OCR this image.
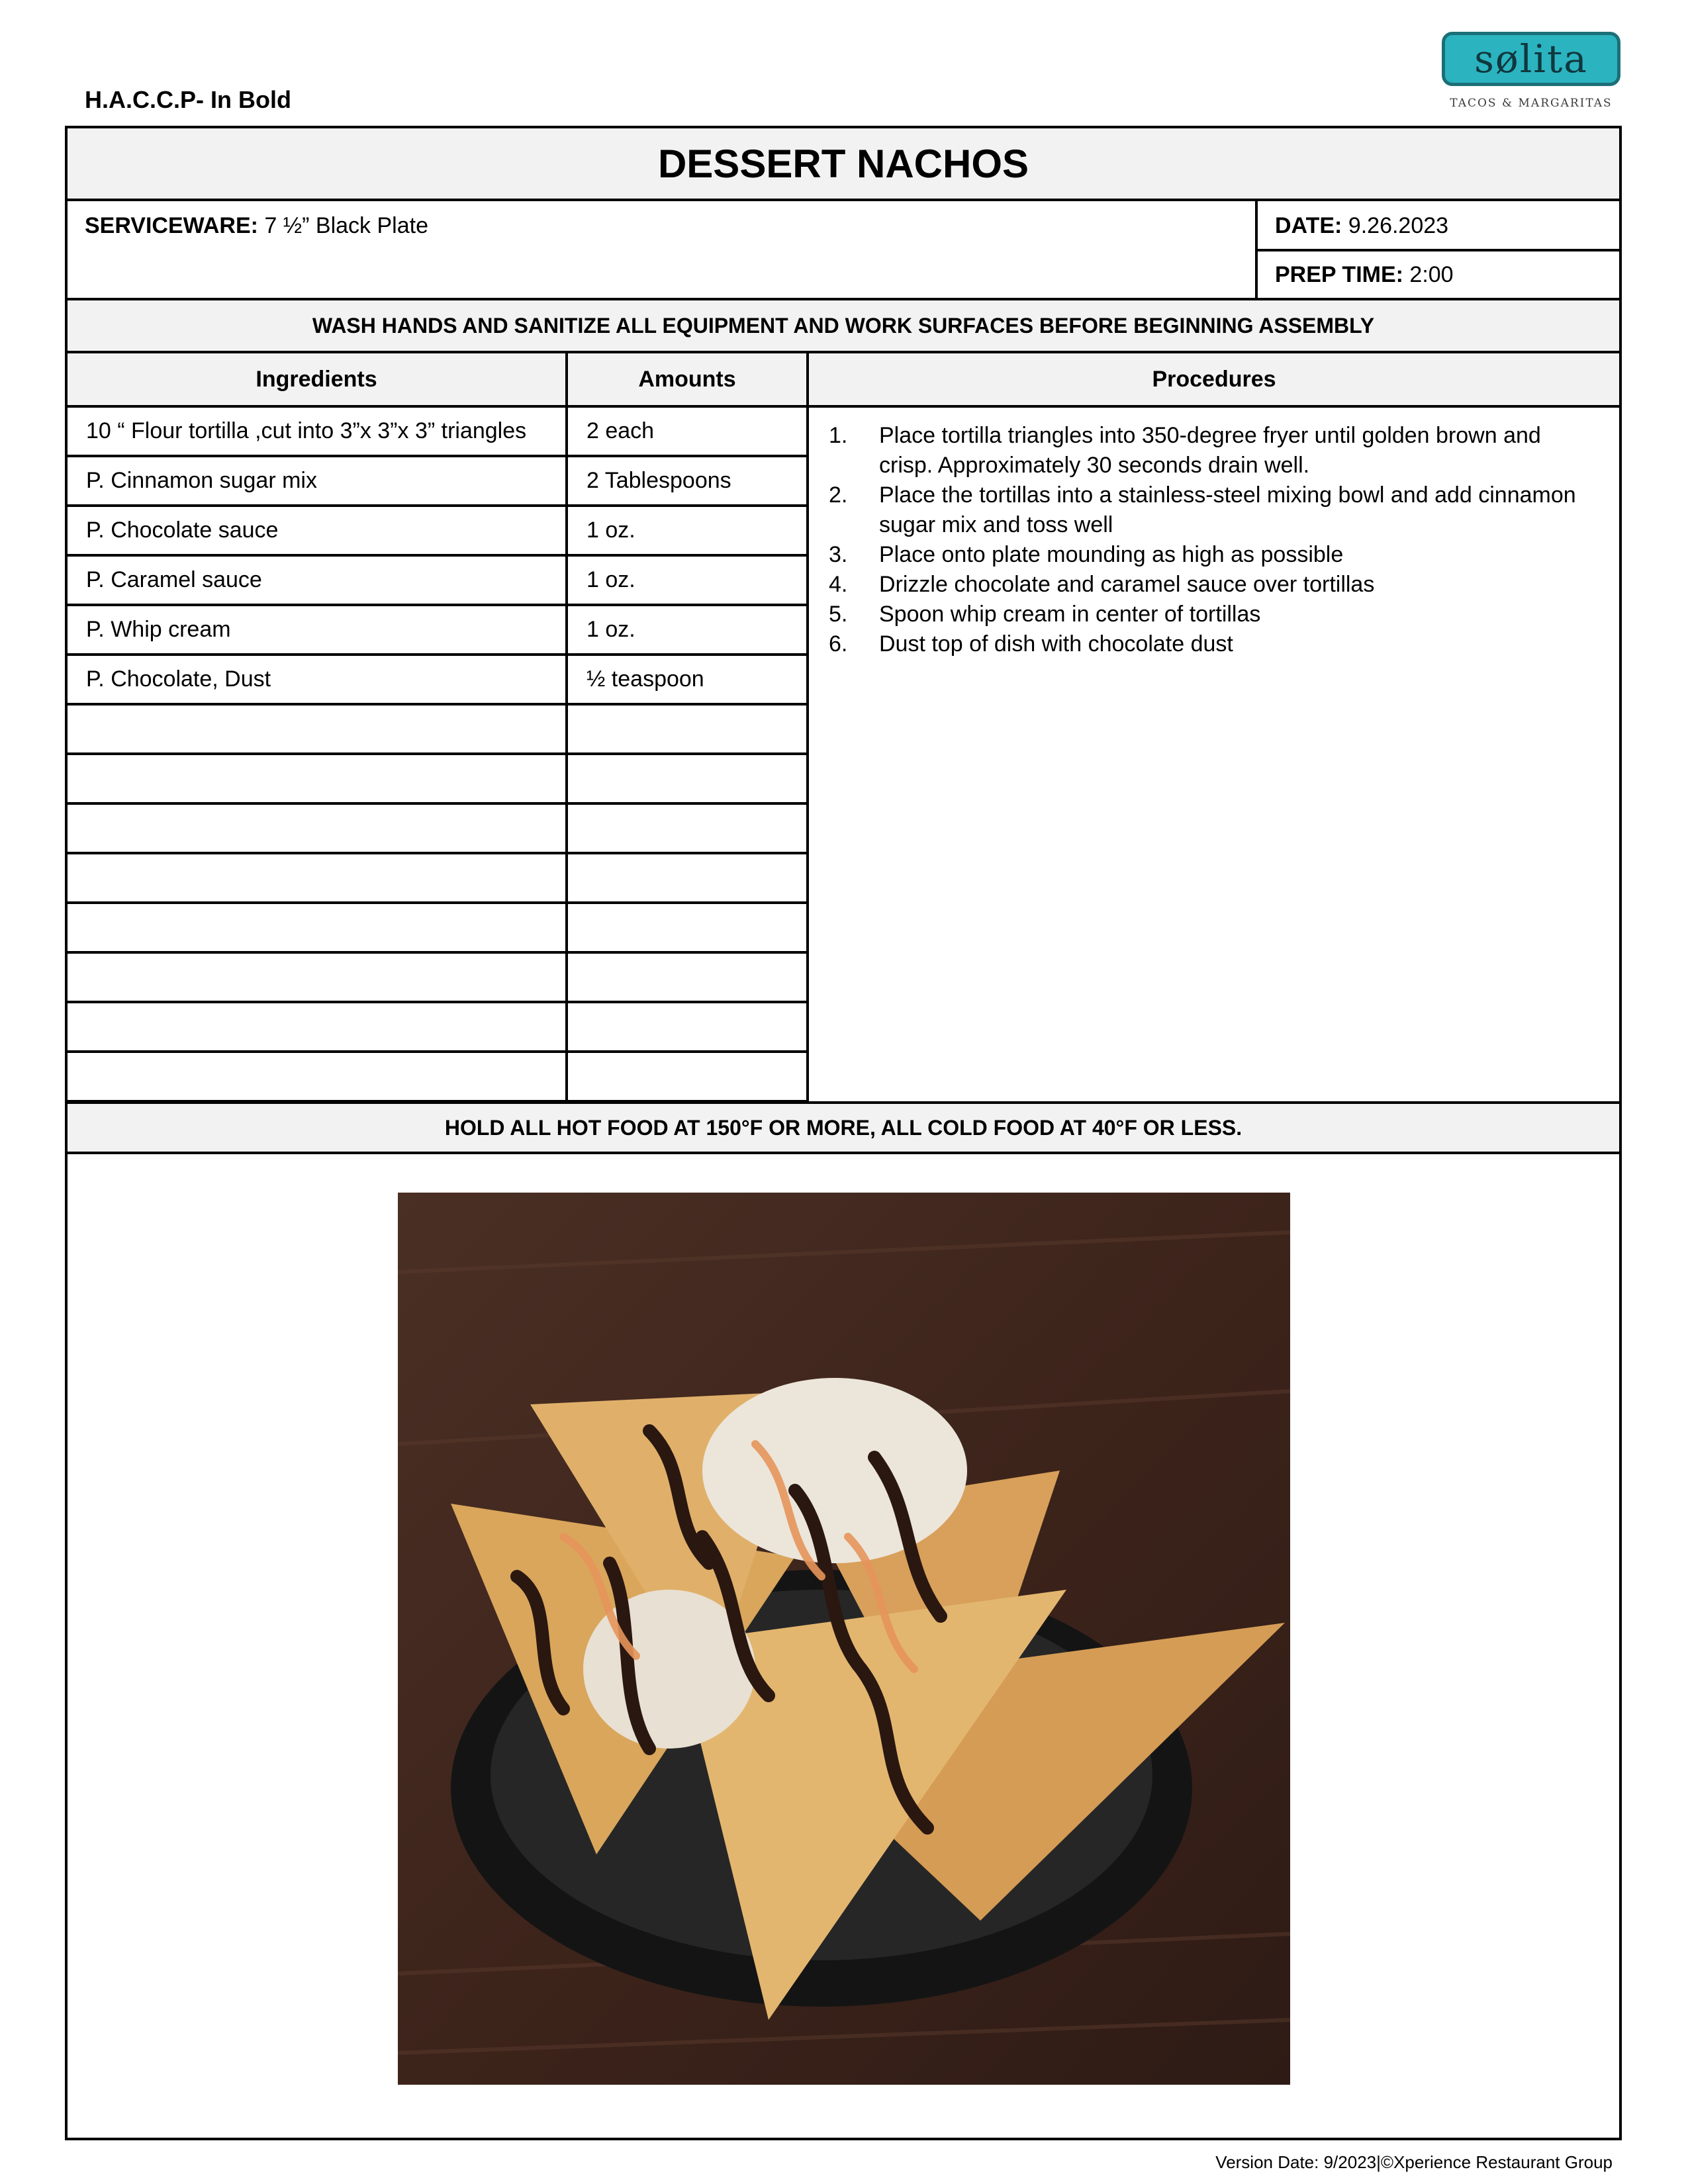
H.A.C.C.P- In Bold
sølita
TACOS & MARGARITAS
DESSERT NACHOS
SERVICEWARE: 7 ½” Black Plate	DATE: 9.26.2023
PREP TIME: 2:00
WASH HANDS AND SANITIZE ALL EQUIPMENT AND WORK SURFACES BEFORE BEGINNING ASSEMBLY
Ingredients	Amounts	Procedures
10 “ Flour tortilla ,cut into 3”x 3”x 3” triangles	2 each
P. Cinnamon sugar mix	2 Tablespoons
P. Chocolate sauce	1 oz.
P. Caramel sauce	1 oz.
P. Whip cream	1 oz.
P. Chocolate, Dust	½ teaspoon
1.	Place tortilla triangles into 350-degree fryer until golden brown and crisp. Approximately 30 seconds drain well.
2.	Place the tortillas into a stainless-steel mixing bowl and add cinnamon sugar mix and toss well
3.	Place onto plate mounding as high as possible
4.	Drizzle chocolate and caramel sauce over tortillas
5.	Spoon whip cream in center of tortillas
6.	Dust top of dish with chocolate dust
HOLD ALL HOT FOOD AT 150°F OR MORE, ALL COLD FOOD AT 40°F OR LESS.
Version Date: 9/2023|©Xperience Restaurant Group
